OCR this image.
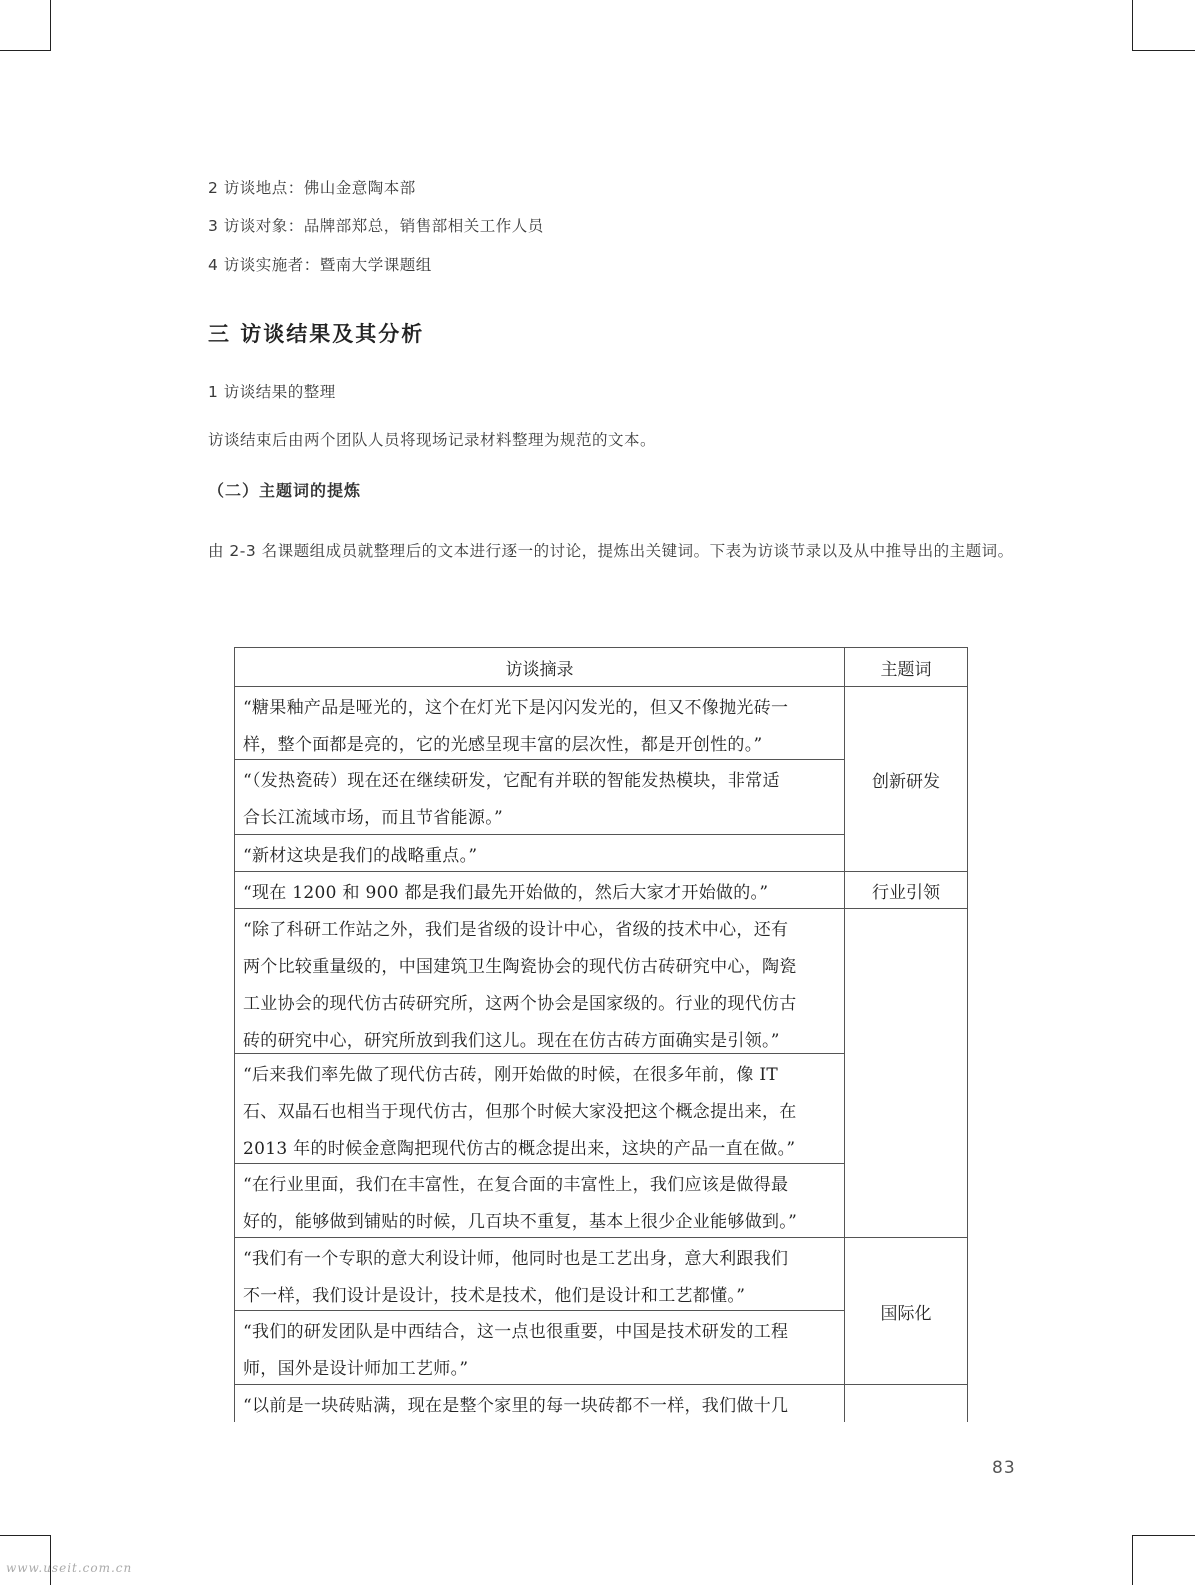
2 访谈地点：佛山金意陶本部
3 访谈对象：品牌部郑总，销售部相关工作人员
4 访谈实施者：暨南大学课题组
三 访谈结果及其分析
1 访谈结果的整理
访谈结束后由两个团队人员将现场记录材料整理为规范的文本。
（二）主题词的提炼
由 2-3 名课题组成员就整理后的文本进行逐一的讨论，提炼出关键词。下表为访谈节录以及从中推导出的主题词。
访谈摘录	主题词
“糖果釉产品是哑光的，这个在灯光下是闪闪发光的，但又不像抛光砖一
样，整个面都是亮的，它的光感呈现丰富的层次性，都是开创性的。”
“（发热瓷砖）现在还在继续研发，它配有并联的智能发热模块，非常适
合长江流域市场，而且节省能源。”
“新材这块是我们的战略重点。”
创新研发
“现在 1200 和 900 都是我们最先开始做的，然后大家才开始做的。”	行业引领
“除了科研工作站之外，我们是省级的设计中心，省级的技术中心，还有
两个比较重量级的，中国建筑卫生陶瓷协会的现代仿古砖研究中心，陶瓷
工业协会的现代仿古砖研究所，这两个协会是国家级的。行业的现代仿古
砖的研究中心，研究所放到我们这儿。现在在仿古砖方面确实是引领。”
“后来我们率先做了现代仿古砖，刚开始做的时候，在很多年前，像 IT
石、双晶石也相当于现代仿古，但那个时候大家没把这个概念提出来，在
2013 年的时候金意陶把现代仿古的概念提出来，这块的产品一直在做。”
“在行业里面，我们在丰富性，在复合面的丰富性上，我们应该是做得最
好的，能够做到铺贴的时候，几百块不重复，基本上很少企业能够做到。”
“我们有一个专职的意大利设计师，他同时也是工艺出身，意大利跟我们
不一样，我们设计是设计，技术是技术，他们是设计和工艺都懂。”
“我们的研发团队是中西结合，这一点也很重要，中国是技术研发的工程
师，国外是设计师加工艺师。”
国际化
“以前是一块砖贴满，现在是整个家里的每一块砖都不一样，我们做十几
83
www.useit.com.cn
